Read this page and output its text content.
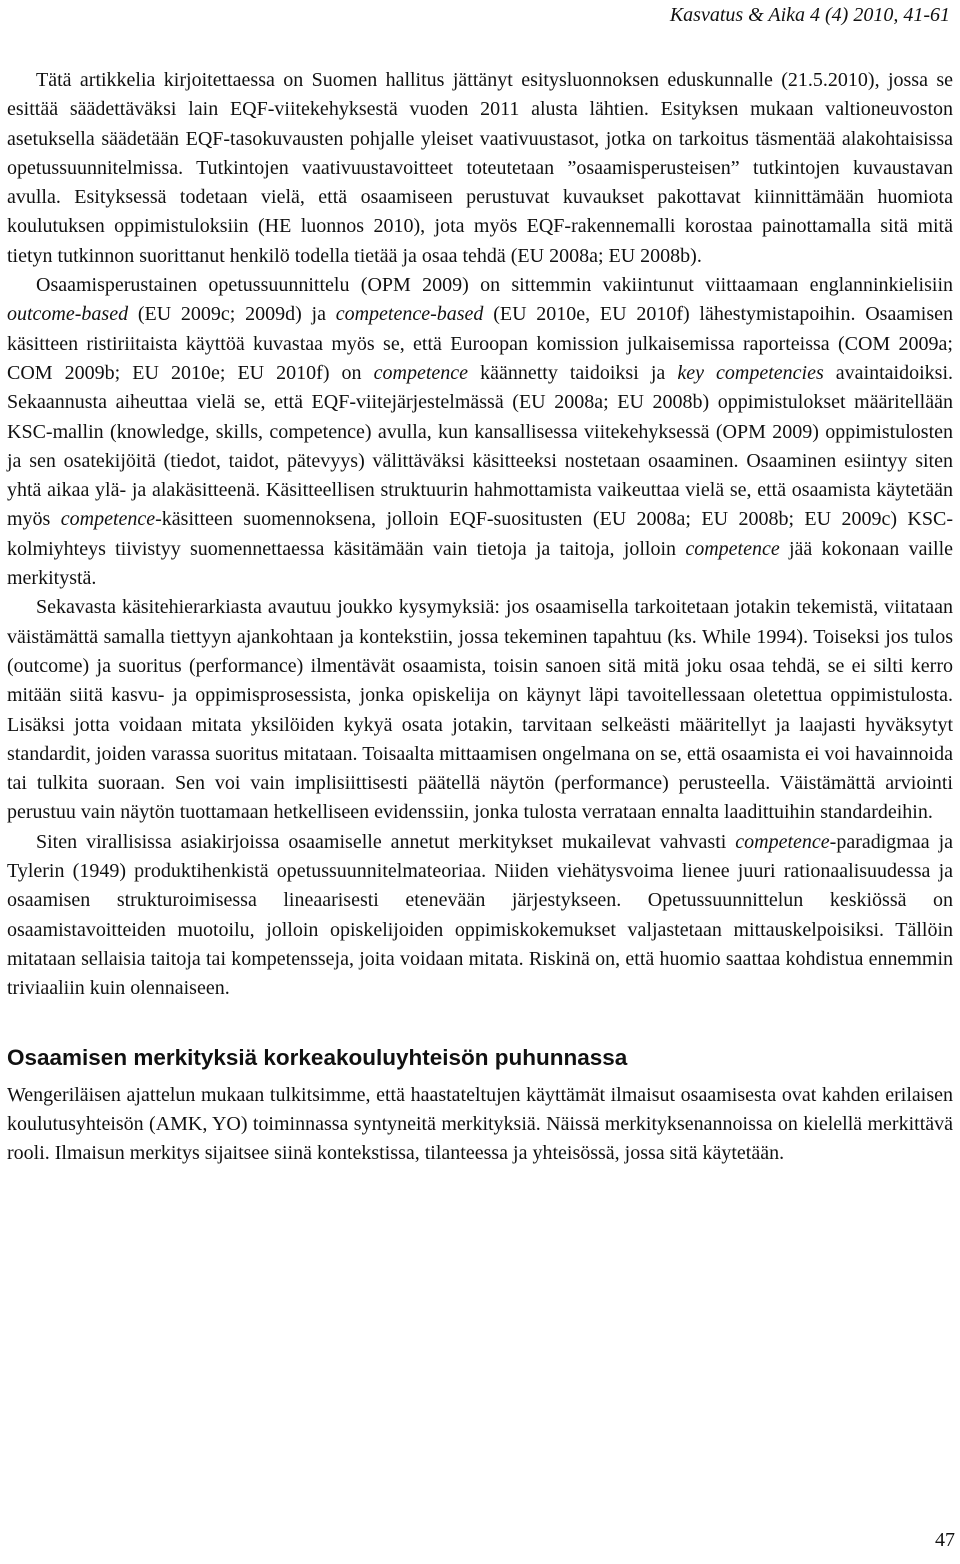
Kasvatus & Aika 4 (4) 2010, 41-61

Tätä artikkelia kirjoitettaessa on Suomen hallitus jättänyt esitysluonnoksen eduskunnalle (21.5.2010), jossa se esittää säädettäväksi lain EQF-viitekehyksestä vuoden 2011 alusta lähtien. Esityksen mukaan valtioneuvoston asetuksella säädetään EQF-tasokuvausten pohjalle yleiset vaativuustasot, jotka on tarkoitus täsmentää alakohtaisissa opetussuunnitelmissa. Tutkintojen vaativuustavoitteet toteutetaan ”osaamisperusteisen” tutkintojen kuvaustavan avulla. Esityksessä todetaan vielä, että osaamiseen perustuvat kuvaukset pakottavat kiinnittämään huomiota koulutuksen oppimistuloksiin (HE luonnos 2010), jota myös EQF-rakennemalli korostaa painottamalla sitä mitä tietyn tutkinnon suorittanut henkilö todella tietää ja osaa tehdä (EU 2008a; EU 2008b).

Osaamisperustainen opetussuunnittelu (OPM 2009) on sittemmin vakiintunut viittaamaan englanninkielisiin outcome-based (EU 2009c; 2009d) ja competence-based (EU 2010e, EU 2010f) lähestymistapoihin. Osaamisen käsitteen ristiriitaista käyttöä kuvastaa myös se, että Euroopan komission julkaisemissa raporteissa (COM 2009a; COM 2009b; EU 2010e; EU 2010f) on competence käännetty taidoiksi ja key competencies avaintaidoiksi. Sekaannusta aiheuttaa vielä se, että EQF-viitejärjestelmässä (EU 2008a; EU 2008b) oppimistulokset määritellään KSC-mallin (knowledge, skills, competence) avulla, kun kansallisessa viitekehyksessä (OPM 2009) oppimistulosten ja sen osatekijöitä (tiedot, taidot, pätevyys) välittäväksi käsitteeksi nostetaan osaaminen. Osaaminen esiintyy siten yhtä aikaa ylä- ja alakäsitteenä. Käsitteellisen struktuurin hahmottamista vaikeuttaa vielä se, että osaamista käytetään myös competence-käsitteen suomennoksena, jolloin EQF-suositusten (EU 2008a; EU 2008b; EU 2009c) KSC-kolmiyhteys tiivistyy suomennettaessa käsitämään vain tietoja ja taitoja, jolloin competence jää kokonaan vaille merkitystä.

Sekavasta käsitehierarkiasta avautuu joukko kysymyksiä: jos osaamisella tarkoitetaan jotakin tekemistä, viitataan väistämättä samalla tiettyyn ajankohtaan ja kontekstiin, jossa tekeminen tapahtuu (ks. While 1994). Toiseksi jos tulos (outcome) ja suoritus (performance) ilmentävät osaamista, toisin sanoen sitä mitä joku osaa tehdä, se ei silti kerro mitään siitä kasvu- ja oppimisprosessista, jonka opiskelija on käynyt läpi tavoitellessaan oletettua oppimistulosta. Lisäksi jotta voidaan mitata yksilöiden kykyä osata jotakin, tarvitaan selkeästi määritellyt ja laajasti hyväksytyt standardit, joiden varassa suoritus mitataan. Toisaalta mittaamisen ongelmana on se, että osaamista ei voi havainnoida tai tulkita suoraan. Sen voi vain implisiittisesti päätellä näytön (performance) perusteella. Väistämättä arviointi perustuu vain näytön tuottamaan hetkelliseen evidenssiin, jonka tulosta verrataan ennalta laadittuihin standardeihin.

Siten virallisissa asiakirjoissa osaamiselle annetut merkitykset mukailevat vahvasti competence-paradigmaa ja Tylerin (1949) produktihenkistä opetussuunnitelmateoriaa. Niiden viehätysvoima lienee juuri rationaalisuudessa ja osaamisen strukturoimisessa lineaarisesti etenevään järjestykseen. Opetussuunnittelun keskiössä on osaamistavoitteiden muotoilu, jolloin opiskelijoiden oppimiskokemukset valjastetaan mittauskelpoisiksi. Tällöin mitataan sellaisia taitoja tai kompetensseja, joita voidaan mitata. Riskinä on, että huomio saattaa kohdistua ennemmin triviaaliin kuin olennaiseen.

Osaamisen merkityksiä korkeakouluyhteisön puhunnassa

Wengeriläisen ajattelun mukaan tulkitsimme, että haastateltujen käyttämät ilmaisut osaamisesta ovat kahden erilaisen koulutusyhteisön (AMK, YO) toiminnassa syntyneitä merkityksiä. Näissä merkityksenannoissa on kielellä merkittävä rooli. Ilmaisun merkitys sijaitsee siinä kontekstissa, tilanteessa ja yhteisössä, jossa sitä käytetään.

47
